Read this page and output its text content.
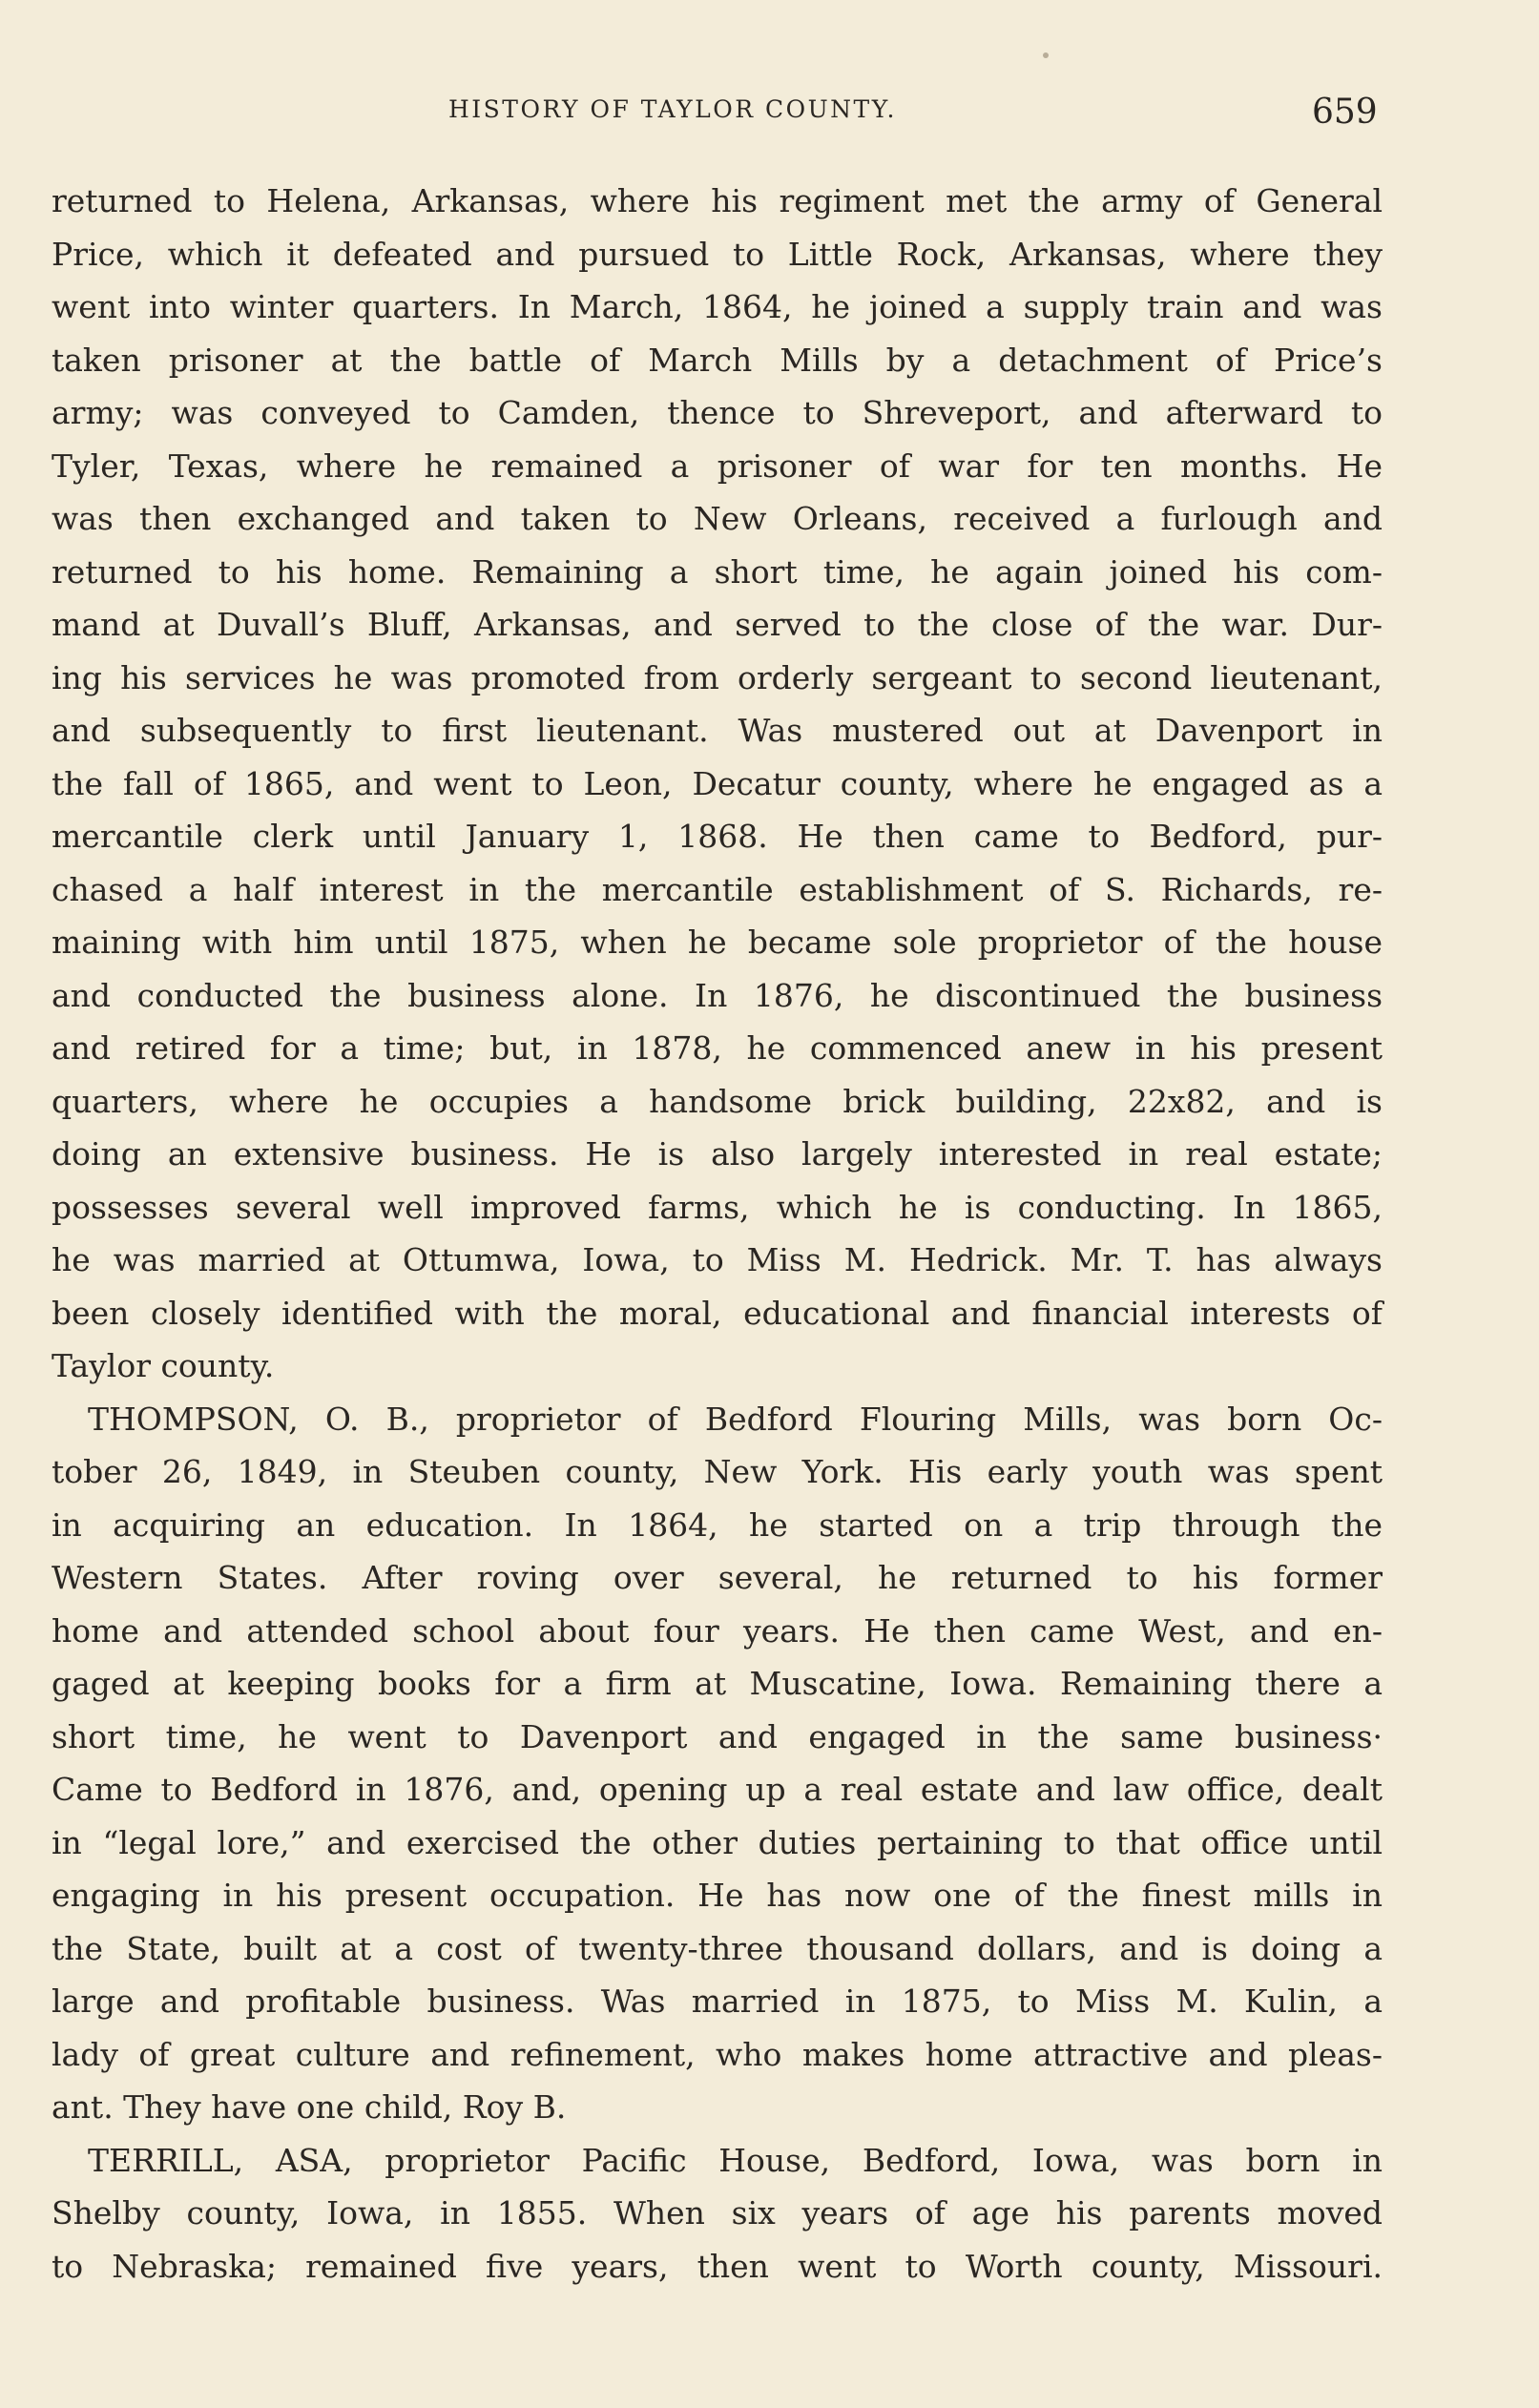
HISTORY OF TAYLOR COUNTY.	659
returned to Helena, Arkansas, where his regiment met the army of General
Price, which it defeated and pursued to Little Rock, Arkansas, where they
went into winter quarters. In March, 1864, he joined a supply train and was
taken prisoner at the battle of March Mills by a detachment of Price’s
army; was conveyed to Camden, thence to Shreveport, and afterward to
Tyler, Texas, where he remained a prisoner of war for ten months. He
was then exchanged and taken to New Orleans, received a furlough and
returned to his home. Remaining a short time, he again joined his com-
mand at Duvall’s Bluff, Arkansas, and served to the close of the war. Dur-
ing his services he was promoted from orderly sergeant to second lieutenant,
and subsequently to first lieutenant. Was mustered out at Davenport in
the fall of 1865, and went to Leon, Decatur county, where he engaged as a
mercantile clerk until January 1, 1868. He then came to Bedford, pur-
chased a half interest in the mercantile establishment of S. Richards, re-
maining with him until 1875, when he became sole proprietor of the house
and conducted the business alone. In 1876, he discontinued the business
and retired for a time; but, in 1878, he commenced anew in his present
quarters, where he occupies a handsome brick building, 22x82, and is
doing an extensive business. He is also largely interested in real estate;
possesses several well improved farms, which he is conducting. In 1865,
he was married at Ottumwa, Iowa, to Miss M. Hedrick. Mr. T. has always
been closely identified with the moral, educational and financial interests of
Taylor county.
THOMPSON, O. B., proprietor of Bedford Flouring Mills, was born Oc-
tober 26, 1849, in Steuben county, New York. His early youth was spent
in acquiring an education. In 1864, he started on a trip through the
Western States. After roving over several, he returned to his former
home and attended school about four years. He then came West, and en-
gaged at keeping books for a firm at Muscatine, Iowa. Remaining there a
short time, he went to Davenport and engaged in the same business·
Came to Bedford in 1876, and, opening up a real estate and law office, dealt
in “legal lore,” and exercised the other duties pertaining to that office until
engaging in his present occupation. He has now one of the finest mills in
the State, built at a cost of twenty-three thousand dollars, and is doing a
large and profitable business. Was married in 1875, to Miss M. Kulin, a
lady of great culture and refinement, who makes home attractive and pleas-
ant. They have one child, Roy B.
TERRILL, ASA, proprietor Pacific House, Bedford, Iowa, was born in
Shelby county, Iowa, in 1855. When six years of age his parents moved
to Nebraska; remained five years, then went to Worth county, Missouri.
